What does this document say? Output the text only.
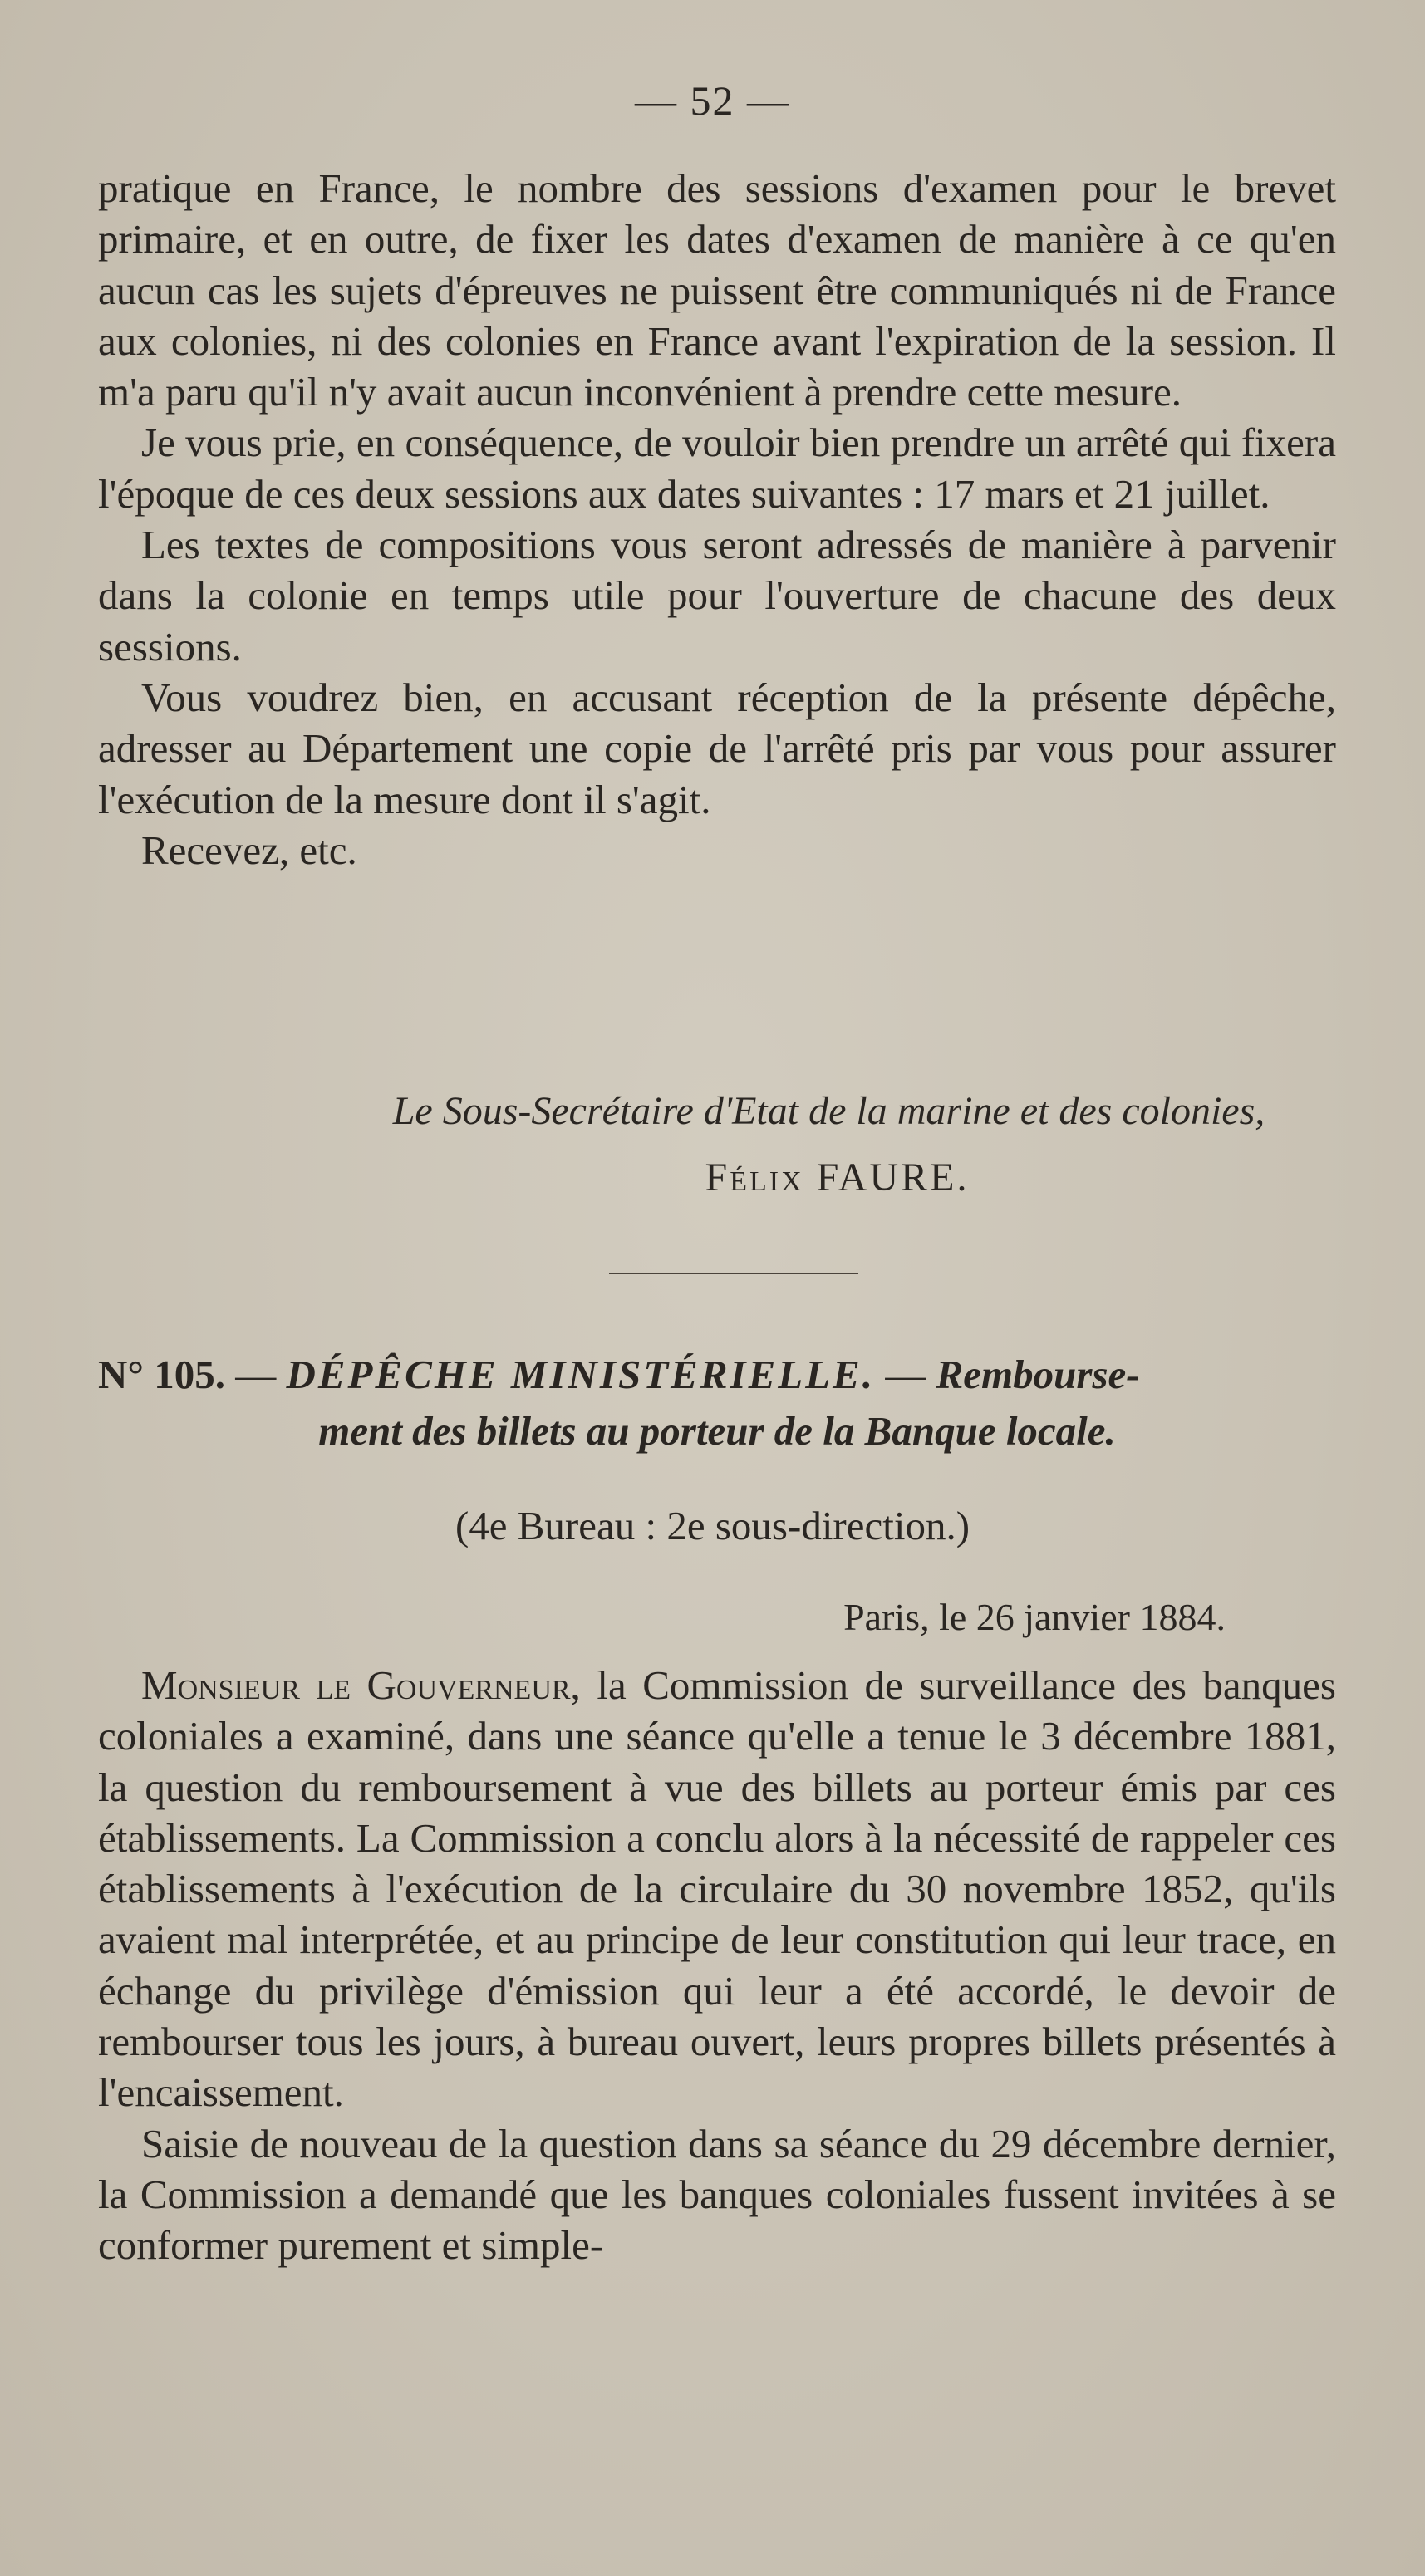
— 52 —

pratique en France, le nombre des sessions d'examen pour le brevet primaire, et en outre, de fixer les dates d'examen de manière à ce qu'en aucun cas les sujets d'épreuves ne puissent être communiqués ni de France aux colonies, ni des colonies en France avant l'expiration de la session. Il m'a paru qu'il n'y avait aucun inconvénient à prendre cette mesure.

Je vous prie, en conséquence, de vouloir bien prendre un arrêté qui fixera l'époque de ces deux sessions aux dates suivantes : 17 mars et 21 juillet.

Les textes de compositions vous seront adressés de manière à parvenir dans la colonie en temps utile pour l'ouverture de chacune des deux sessions.

Vous voudrez bien, en accusant réception de la présente dépêche, adresser au Département une copie de l'arrêté pris par vous pour assurer l'exécution de la mesure dont il s'agit.

Recevez, etc.

Le Sous-Secrétaire d'Etat de la marine et des colonies,
Félix FAURE.
N° 105. — DÉPÊCHE MINISTÉRIELLE. — Rembourse-
ment des billets au porteur de la Banque locale.
(4e Bureau : 2e sous-direction.)
Paris, le 26 janvier 1884.

Monsieur le Gouverneur, la Commission de surveillance des banques coloniales a examiné, dans une séance qu'elle a tenue le 3 décembre 1881, la question du remboursement à vue des billets au porteur émis par ces établissements. La Commission a conclu alors à la nécessité de rappeler ces établissements à l'exécution de la circulaire du 30 novembre 1852, qu'ils avaient mal interprétée, et au principe de leur constitution qui leur trace, en échange du privilège d'émission qui leur a été accordé, le devoir de rembourser tous les jours, à bureau ouvert, leurs propres billets présentés à l'encaissement.

Saisie de nouveau de la question dans sa séance du 29 décembre dernier, la Commission a demandé que les banques coloniales fussent invitées à se conformer purement et simple-
